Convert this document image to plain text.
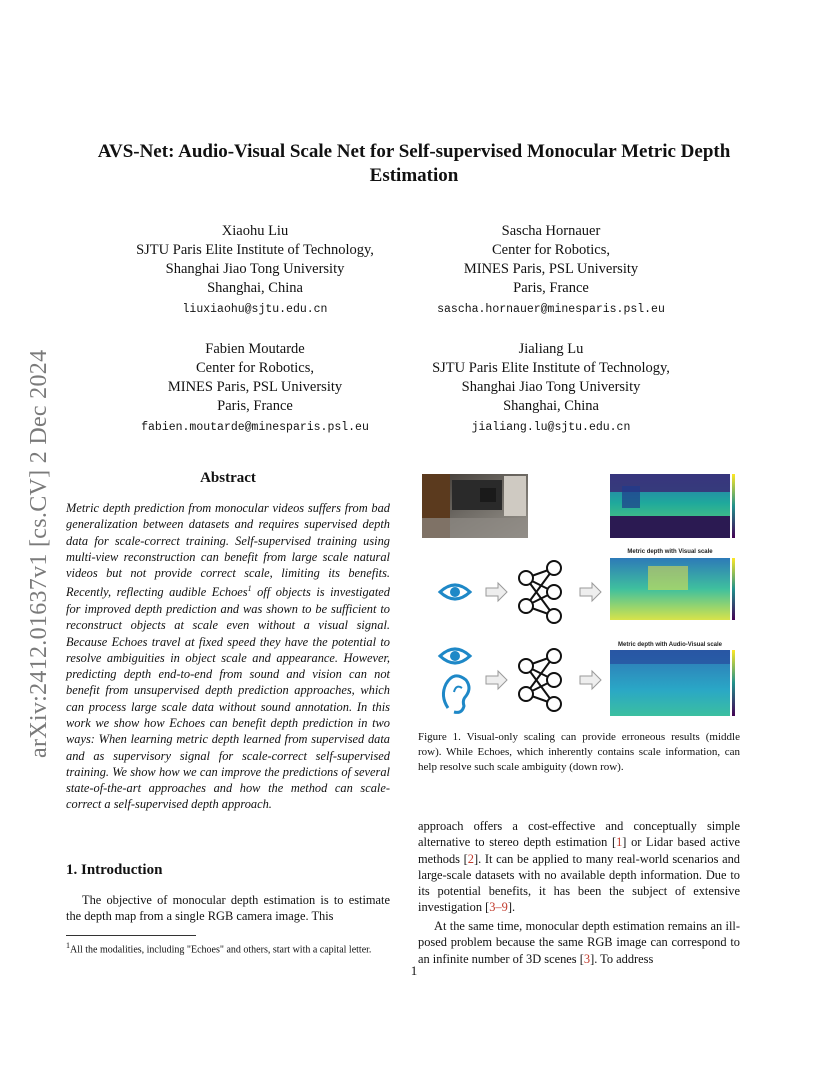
arXiv:2412.01637v1 [cs.CV] 2 Dec 2024
AVS-Net: Audio-Visual Scale Net for Self-supervised Monocular Metric Depth Estimation
Xiaohu Liu
SJTU Paris Elite Institute of Technology,
Shanghai Jiao Tong University
Shanghai, China
liuxiaohu@sjtu.edu.cn
Sascha Hornauer
Center for Robotics,
MINES Paris, PSL University
Paris, France
sascha.hornauer@minesparis.psl.eu
Fabien Moutarde
Center for Robotics,
MINES Paris, PSL University
Paris, France
fabien.moutarde@minesparis.psl.eu
Jialiang Lu
SJTU Paris Elite Institute of Technology,
Shanghai Jiao Tong University
Shanghai, China
jialiang.lu@sjtu.edu.cn
Abstract
Metric depth prediction from monocular videos suffers from bad generalization between datasets and requires supervised depth data for scale-correct training. Self-supervised training using multi-view reconstruction can benefit from large scale natural videos but not provide correct scale, limiting its benefits. Recently, reflecting audible Echoes$^1$ off objects is investigated for improved depth prediction and was shown to be sufficient to reconstruct objects at scale even without a visual signal. Because Echoes travel at fixed speed they have the potential to resolve ambiguities in object scale and appearance. However, predicting depth end-to-end from sound and vision can not benefit from unsupervised depth prediction approaches, which can process large scale data without sound annotation. In this work we show how Echoes can benefit depth prediction in two ways: When learning metric depth learned from supervised data and as supervisory signal for scale-correct self-supervised training. We show how we can improve the predictions of several state-of-the-art approaches and how the method can scale-correct a self-supervised depth approach.
1. Introduction
The objective of monocular depth estimation is to estimate the depth map from a single RGB camera image. This
$^1$All the modalities, including "Echoes" and others, start with a capital letter.
Metric depth with Visual scale
Metric depth with Audio-Visual scale
Figure 1. Visual-only scaling can provide erroneous results (middle row). While Echoes, which inherently contains scale information, can help resolve such scale ambiguity (down row).
approach offers a cost-effective and conceptually simple alternative to stereo depth estimation [1] or Lidar based active methods [2]. It can be applied to many real-world scenarios and large-scale datasets with no available depth information. Due to its potential benefits, it has been the subject of extensive investigation [3–9].
At the same time, monocular depth estimation remains an ill-posed problem because the same RGB image can correspond to an infinite number of 3D scenes [3]. To address
1
